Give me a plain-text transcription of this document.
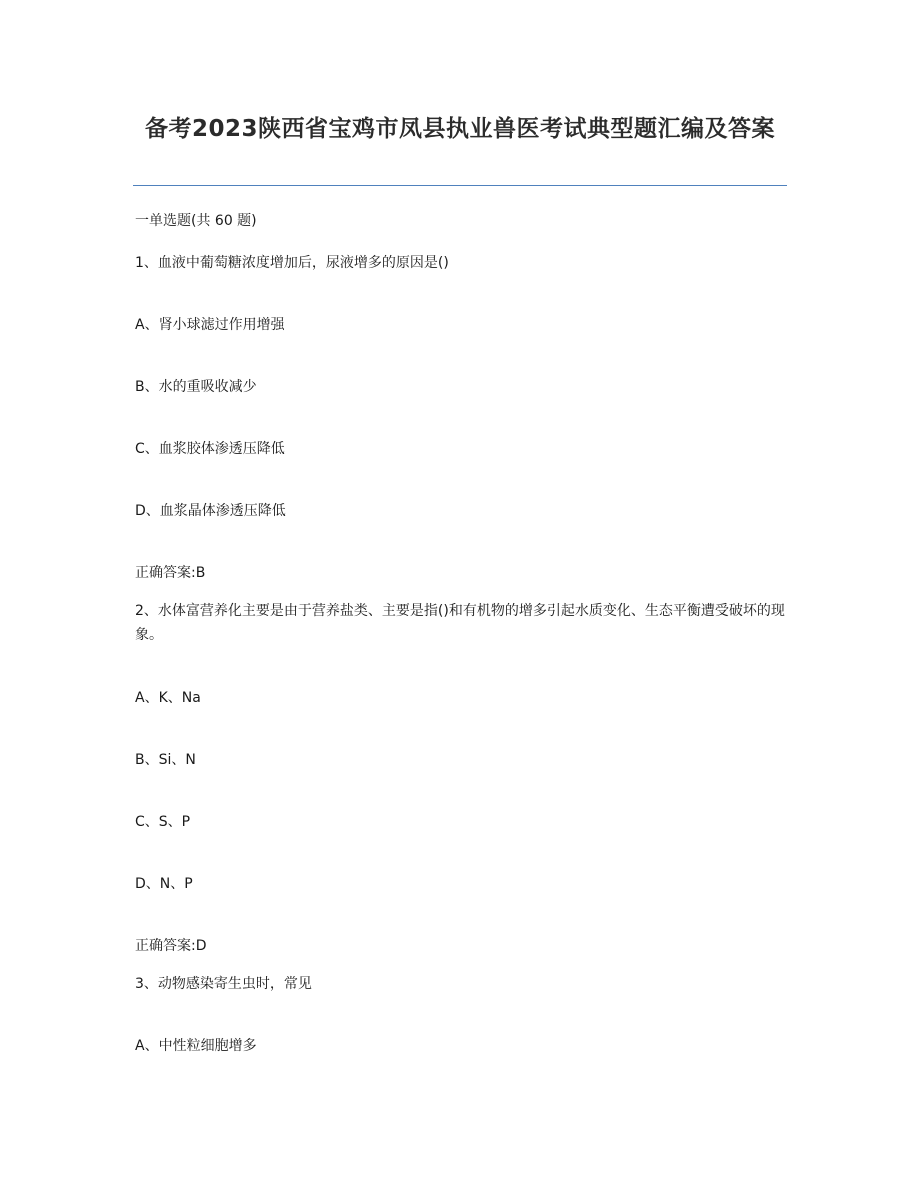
备考2023陕西省宝鸡市凤县执业兽医考试典型题汇编及答案
一单选题(共 60 题)
1、血液中葡萄糖浓度增加后，尿液增多的原因是()
A、肾小球滤过作用增强
B、水的重吸收减少
C、血浆胶体渗透压降低
D、血浆晶体渗透压降低
正确答案:B
2、水体富营养化主要是由于营养盐类、主要是指()和有机物的增多引起水质变化、生态平衡遭受破坏的现象。
A、K、Na
B、Si、N
C、S、P
D、N、P
正确答案:D
3、动物感染寄生虫时，常见
A、中性粒细胞增多
